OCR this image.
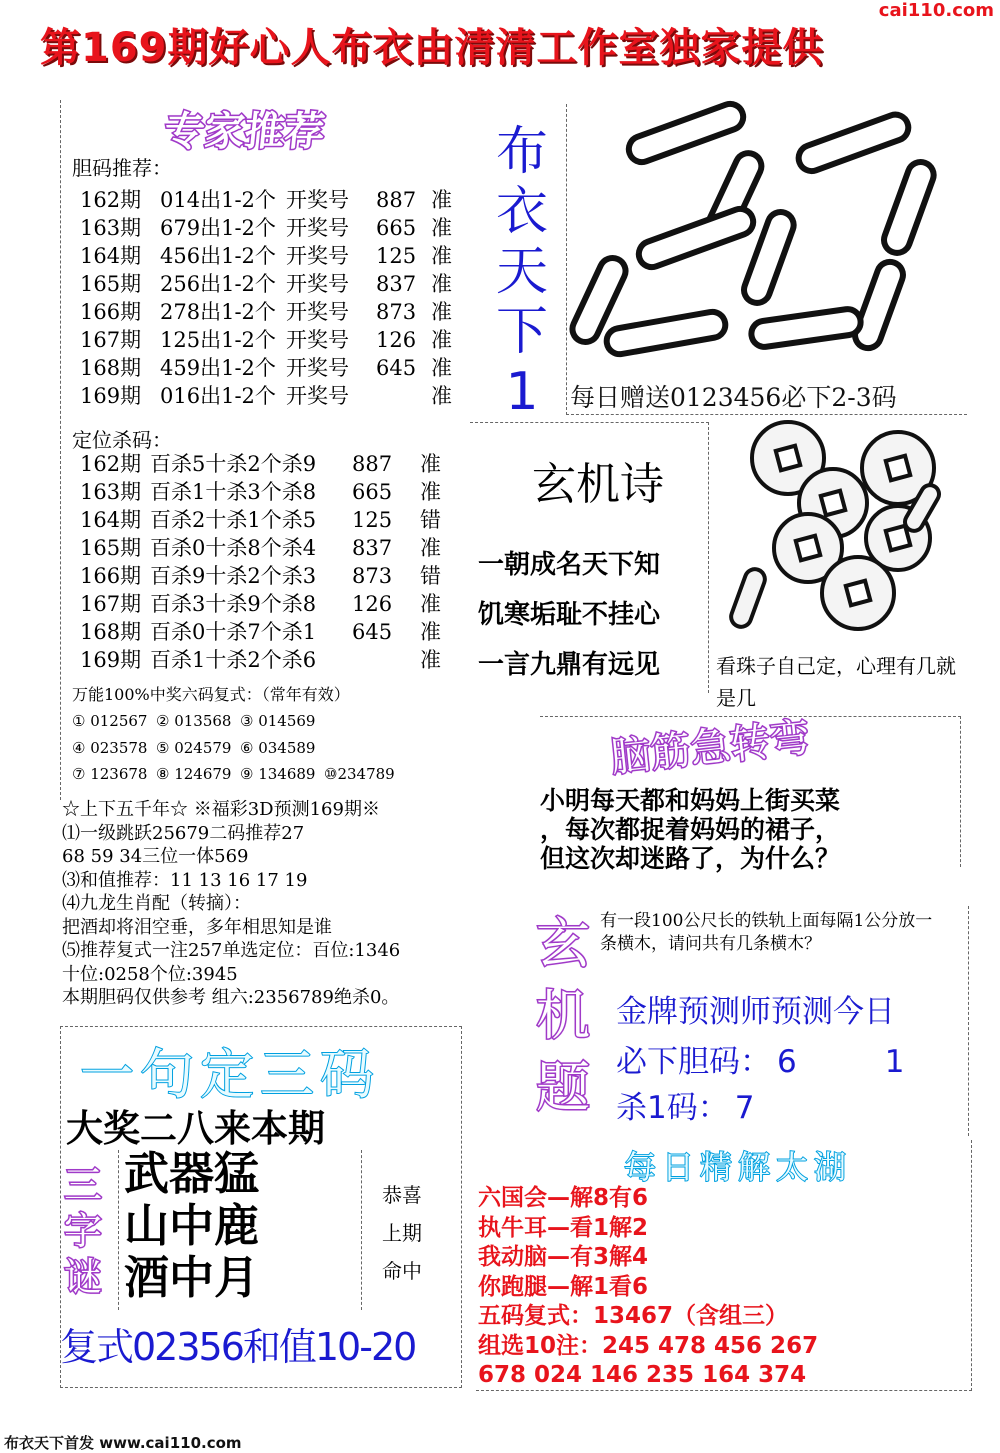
cai110.com
第169期好心人布衣由清清工作室独家提供
专家推荐
胆码推荐：
162期 014出1-2个 开奖号	887 准
163期 679出1-2个 开奖号	665 准
164期 456出1-2个 开奖号	125 准
165期 256出1-2个 开奖号	837 准
166期 278出1-2个 开奖号	873 准
167期 125出1-2个 开奖号	126 准
168期 459出1-2个 开奖号	645 准
169期 016出1-2个 开奖号	准
定位杀码：
162期 百杀5十杀2个杀9	887	准
163期 百杀1十杀3个杀8	665	准
164期 百杀2十杀1个杀5	125	错
165期 百杀0十杀8个杀4	837	准
166期 百杀9十杀2个杀3	873	错
167期 百杀3十杀9个杀8	126	准
168期 百杀0十杀7个杀1	645	准
169期 百杀1十杀2个杀6	准
万能100%中奖六码复式：（常年有效）
① 012567 ② 013568 ③ 014569
④ 023578 ⑤ 024579 ⑥ 034589
⑦ 123678 ⑧ 124679 ⑨ 134689 ⑩234789
☆上下五千年☆ ※福彩3D预测169期※
⑴一级跳跃25679二码推荐27
68 59 34三位一体569
⑶和值推荐：11 13 16 17 19
⑷九龙生肖配（转摘）：
把酒却将泪空垂，多年相思知是谁
⑸推荐复式一注257单选定位：百位:1346
十位:0258个位:3945
本期胆码仅供参考 组六:2356789绝杀0。
布
衣
天
下
1 每日赠送0123456必下2-3码
玄机诗
一朝成名天下知
饥寒垢耻不挂心
一言九鼎有远见	看珠子自己定，心理有几就是几
脑筋急转弯
小明每天都和妈妈上街买菜
，每次都捉着妈妈的裙子，
但这次却迷路了，为什么？
玄
机
题
有一段100公尺长的铁轨上面每隔1公分放一条横木，请问共有几条横木？
金牌预测师预测今日
必下胆码： 6	1
杀1码： 7
一句定三码
大奖二八来本期
三
字
谜
武器猛
山中鹿
酒中月
恭喜
上期
命中
复式02356和值10-20
每日精解太湖
六国会—解8有6
执牛耳—看1解2
我动脑—有3解4
你跑腿—解1看6
五码复式：13467（含组三）
组选10注：245 478 456 267
678 024 146 235 164 374
布衣天下首发 www.cai110.com
